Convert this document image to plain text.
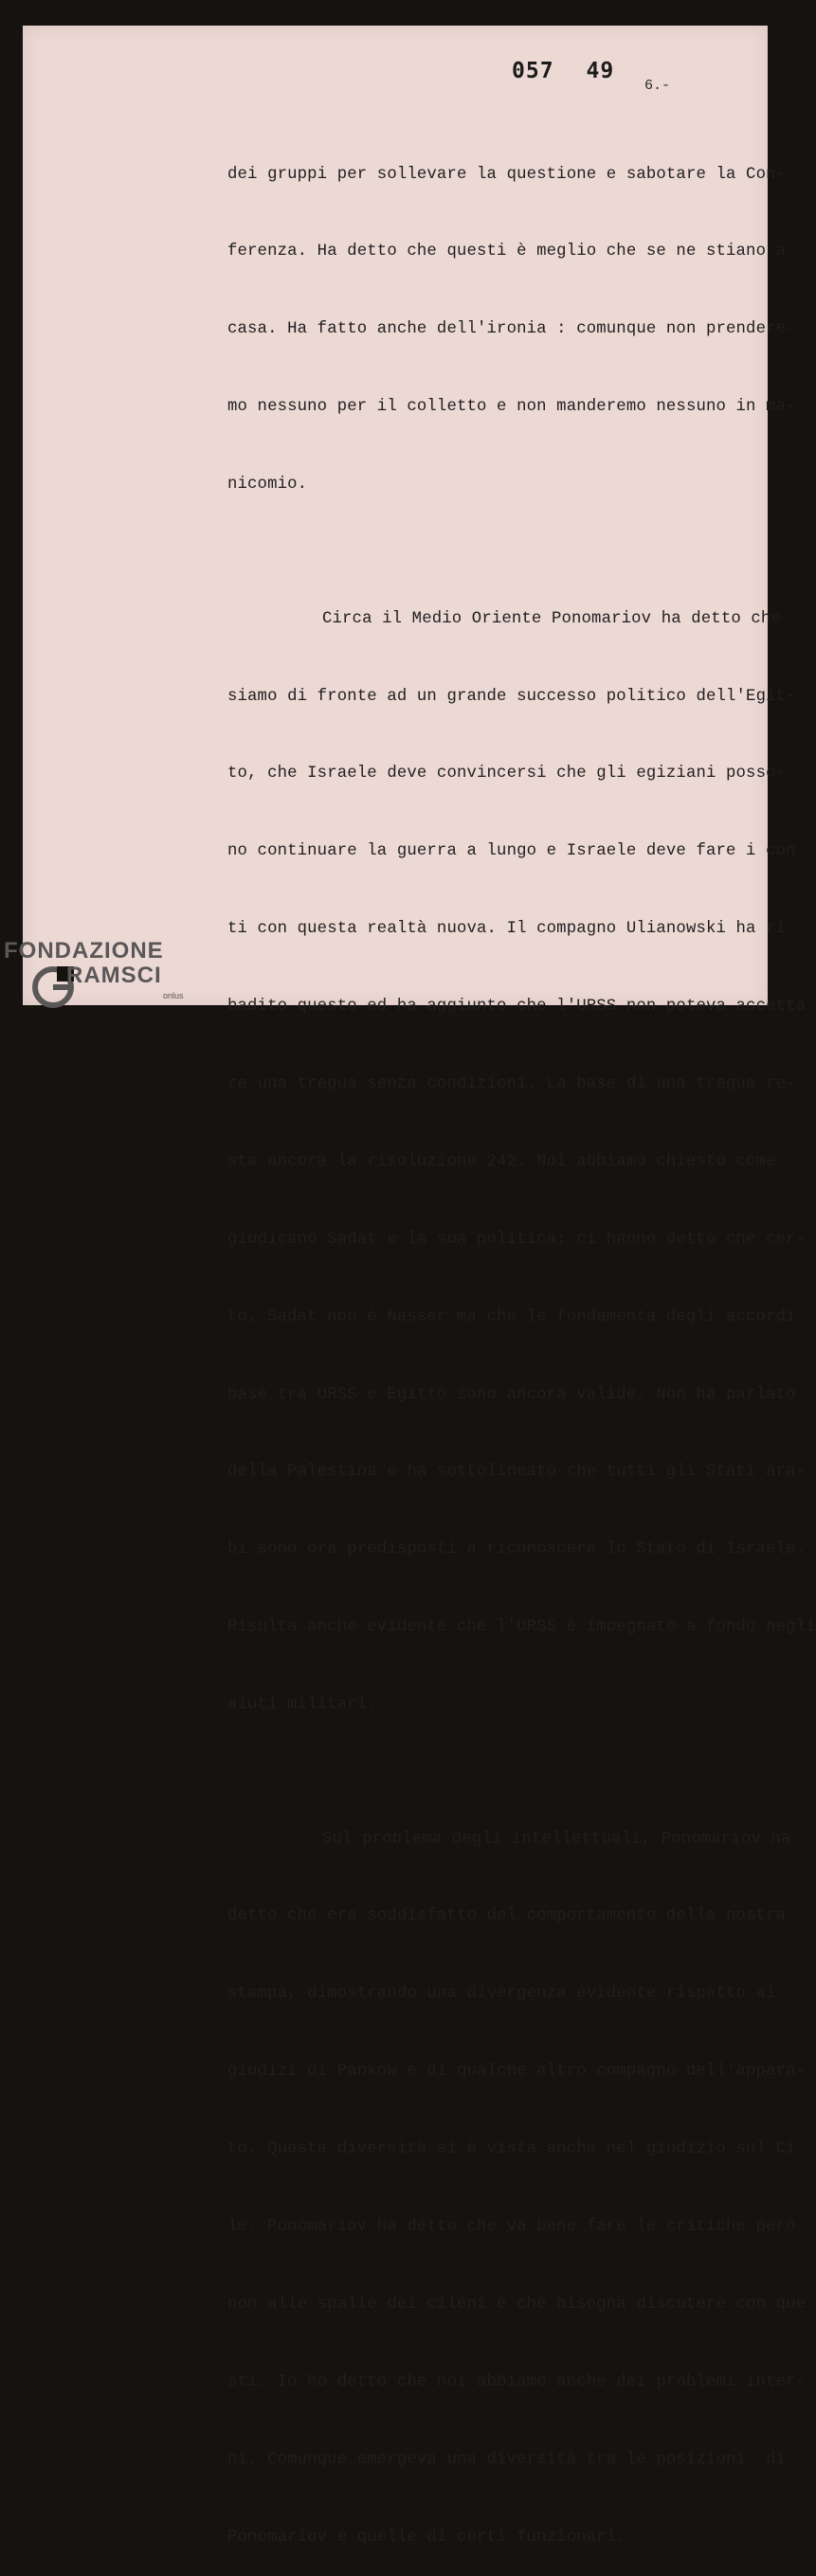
057 49
6.-

dei gruppi per sollevare la questione e sabotare la Con-

ferenza. Ha detto che questi è meglio che se ne stiano a

casa. Ha fatto anche dell'ironia : comunque non prendere-

mo nessuno per il colletto e non manderemo nessuno in ma-

nicomio.

Circa il Medio Oriente Ponomariov ha detto che

siamo di fronte ad un grande successo politico dell'Egit-

to, che Israele deve convincersi che gli egiziani posso-

no continuare la guerra a lungo e Israele deve fare i con

ti con questa realtà nuova. Il compagno Ulianowski ha ri-

badito questo ed ha aggiunto che l'URSS non poteva accetta

re una tregua senza condizioni. La base di una tregua re-

sta ancora la risoluzione 242. Noi abbiamo chiesto come

giudicano Sadat e la sua politica; ci hanno detto che cer-

to, Sadat non è Nasser ma che le fondamenta degli accordi

base tra URSS e Egitto sono ancora valide. Non ha parlato

della Palestina e ha sottolineato che tutti gli Stati ara-

bi sono ora predisposti a riconoscere lo Stato di Israele.

Risulta anche evidente che l'URSS è impegnato a fondo negli

aiuti militari.

Sul problema degli intellettuali, Ponomariov ha

detto che era soddisfatto del comportamento della nostra

stampa, dimostrando una divergenza evidente rispetto ai

giudizi di Pankow e di qualche altro compagno dell'appara-

to. Questa diversità si è vista anche nel giudizio sul Ci

le. Ponomariov ha detto che va bene fare le critiche però

non alle spalle dei cileni e che bisogna discutere con que

sti. Io ho detto che noi abbiamo anche dei problemi inter-

ni. Comunque emergeva una diversità tra le posizioni  di

Ponomariov e quelle di certi funzionari.

FONDAZIONE
RAMSCI
onlus
